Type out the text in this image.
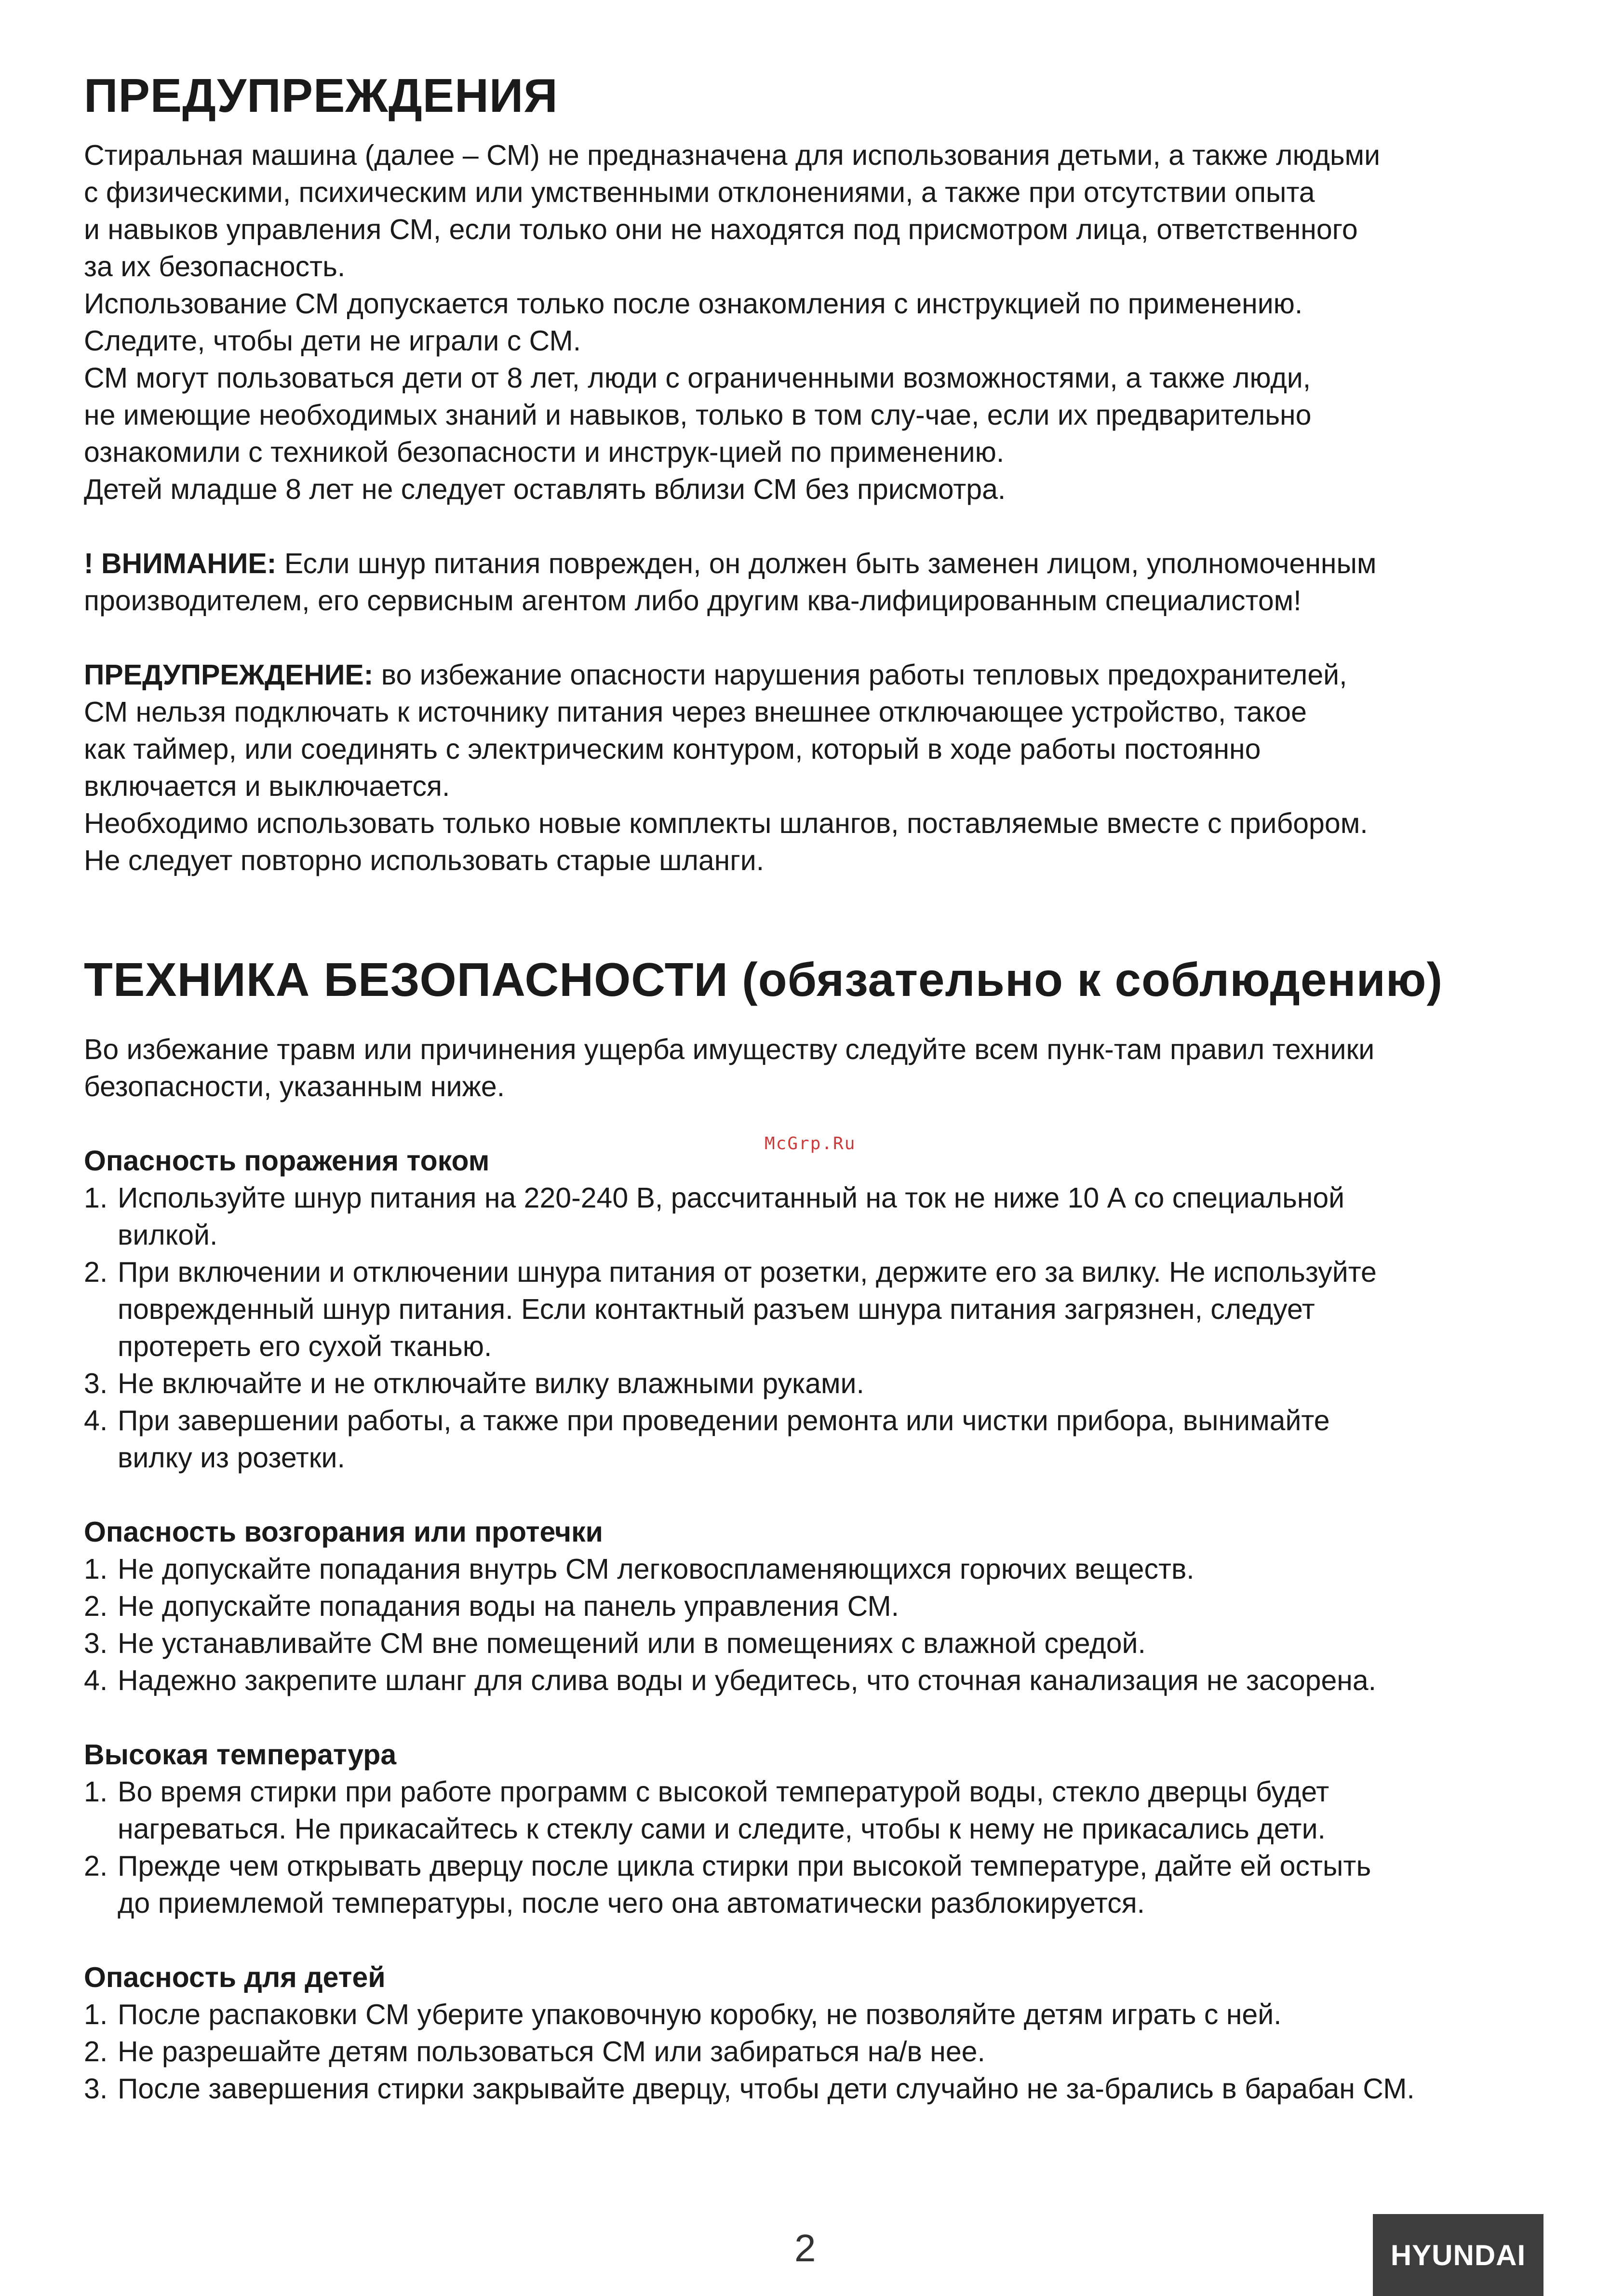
ПРЕДУПРЕЖДЕНИЯ

Стиральная машина (далее – СМ) не предназначена для использования детьми, а также людьми
с физическими, психическим или умственными отклонениями, а также при отсутствии опыта
и навыков управления СМ, если только они не находятся под присмотром лица, ответственного
за их безопасность.
Использование СМ допускается только после ознакомления с инструкцией по применению.
Следите, чтобы дети не играли с СМ.
СМ могут пользоваться дети от 8 лет, люди с ограниченными возможностями, а также люди,
не имеющие необходимых знаний и навыков, только в том слу-чае, если их предварительно
ознакомили с техникой безопасности и инструк-цией по применению.
Детей младше 8 лет не следует оставлять вблизи СМ без присмотра.

! ВНИМАНИЕ: Если шнур питания поврежден, он должен быть заменен лицом, уполномоченным
производителем, его сервисным агентом либо другим ква-лифицированным специалистом!

ПРЕДУПРЕЖДЕНИЕ: во избежание опасности нарушения работы тепловых предохранителей,
СМ нельзя подключать к источнику питания через внешнее отключающее устройство, такое
как таймер, или соединять с электрическим контуром, который в ходе работы постоянно
включается и выключается.
Необходимо использовать только новые комплекты шлангов, поставляемые вместе с прибором.
Не следует повторно использовать старые шланги.

ТЕХНИКА БЕЗОПАСНОСТИ (обязательно к соблюдению)

Во избежание травм или причинения ущерба имуществу следуйте всем пунк-там правил техники
безопасности, указанным ниже.

Опасность поражения током

1. Используйте шнур питания на 220-240 В, рассчитанный на ток не ниже 10 А со специальной
вилкой.
2. При включении и отключении шнура питания от розетки, держите его за вилку. Не используйте
поврежденный шнур питания. Если контактный разъем шнура питания загрязнен, следует
протереть его сухой тканью.
3. Не включайте и не отключайте вилку влажными руками.
4. При завершении работы, а также при проведении ремонта или чистки прибора, вынимайте
вилку из розетки.

Опасность возгорания или протечки

1. Не допускайте попадания внутрь СМ легковоспламеняющихся горючих веществ.
2. Не допускайте попадания воды на панель управления СМ.
3. Не устанавливайте СМ вне помещений или в помещениях с влажной средой.
4. Надежно закрепите шланг для слива воды и убедитесь, что сточная канализация не засорена.

Высокая температура

1. Во время стирки при работе программ с высокой температурой воды, стекло дверцы будет
нагреваться. Не прикасайтесь к стеклу сами и следите, чтобы к нему не прикасались дети.
2. Прежде чем открывать дверцу после цикла стирки при высокой температуре, дайте ей остыть
до приемлемой температуры, после чего она автоматически разблокируется.

Опасность для детей

1. После распаковки СМ уберите упаковочную коробку, не позволяйте детям играть с ней.
2. Не разрешайте детям пользоваться СМ или забираться на/в нее.
3. После завершения стирки закрывайте дверцу, чтобы дети случайно не за-брались в барабан СМ.
McGrp.Ru
2	HYUNDAI
